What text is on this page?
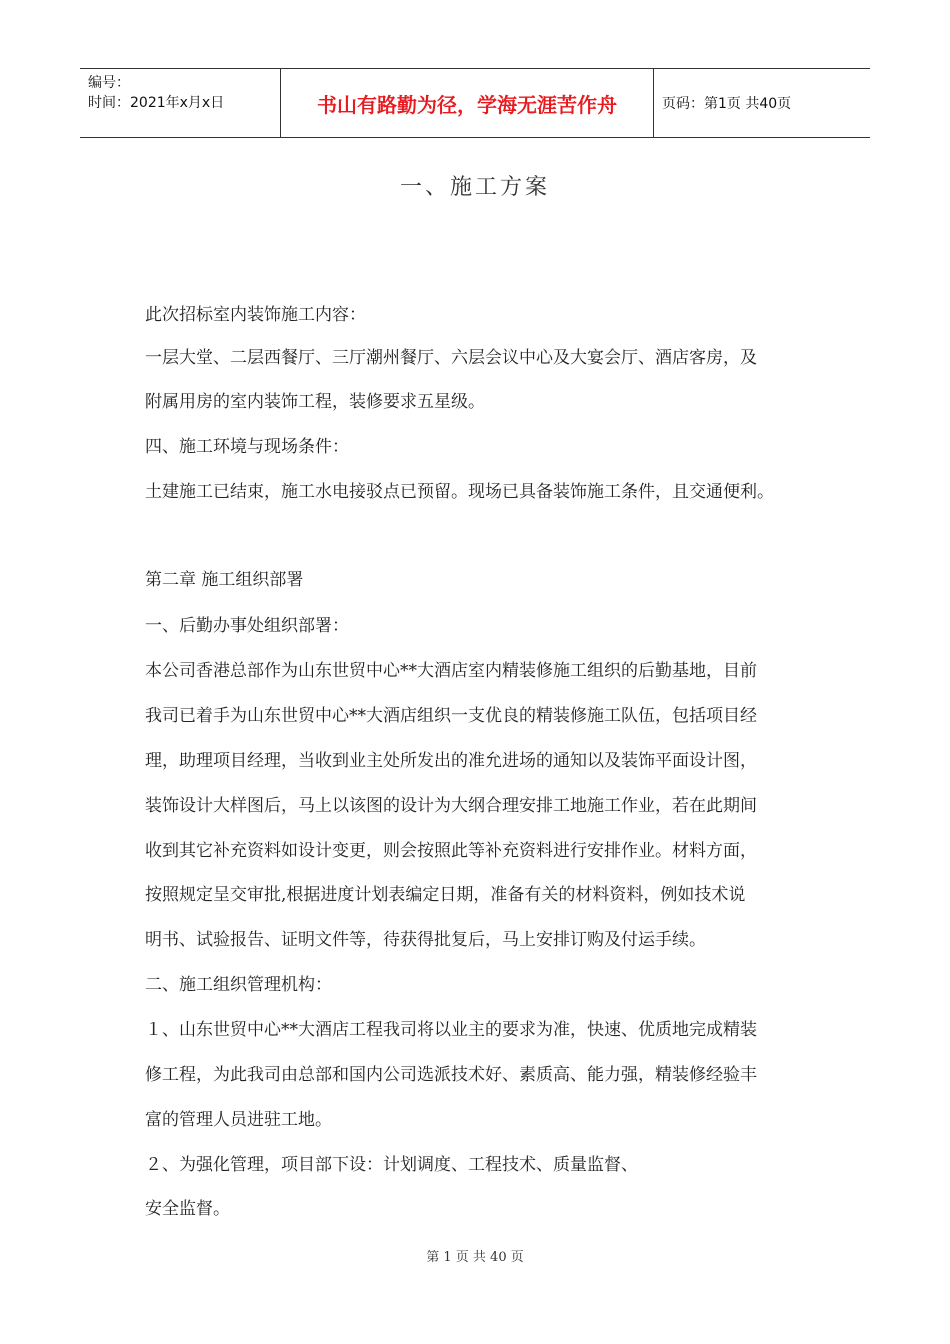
编号：
时间：2021年x月x日	书山有路勤为径，学海无涯苦作舟	页码：第1页 共40页
一、施工方案
此次招标室内装饰施工内容：
一层大堂、二层西餐厅、三厅潮州餐厅、六层会议中心及大宴会厅、酒店客房，及
附属用房的室内装饰工程，装修要求五星级。
四、施工环境与现场条件：
土建施工已结束，施工水电接驳点已预留。现场已具备装饰施工条件，且交通便利。
第二章 施工组织部署
一、后勤办事处组织部署：
本公司香港总部作为山东世贸中心**大酒店室内精装修施工组织的后勤基地，目前
我司已着手为山东世贸中心**大酒店组织一支优良的精装修施工队伍，包括项目经
理，助理项目经理，当收到业主处所发出的准允进场的通知以及装饰平面设计图，
装饰设计大样图后，马上以该图的设计为大纲合理安排工地施工作业，若在此期间
收到其它补充资料如设计变更，则会按照此等补充资料进行安排作业。材料方面，
按照规定呈交审批,根据进度计划表编定日期，准备有关的材料资料，例如技术说
明书、试验报告、证明文件等，待获得批复后，马上安排订购及付运手续。
二、施工组织管理机构：
１、山东世贸中心**大酒店工程我司将以业主的要求为准，快速、优质地完成精装
修工程，为此我司由总部和国内公司选派技术好、素质高、能力强，精装修经验丰
富的管理人员进驻工地。
２、为强化管理，项目部下设：计划调度、工程技术、质量监督、
安全监督。
第 1 页 共 40 页
